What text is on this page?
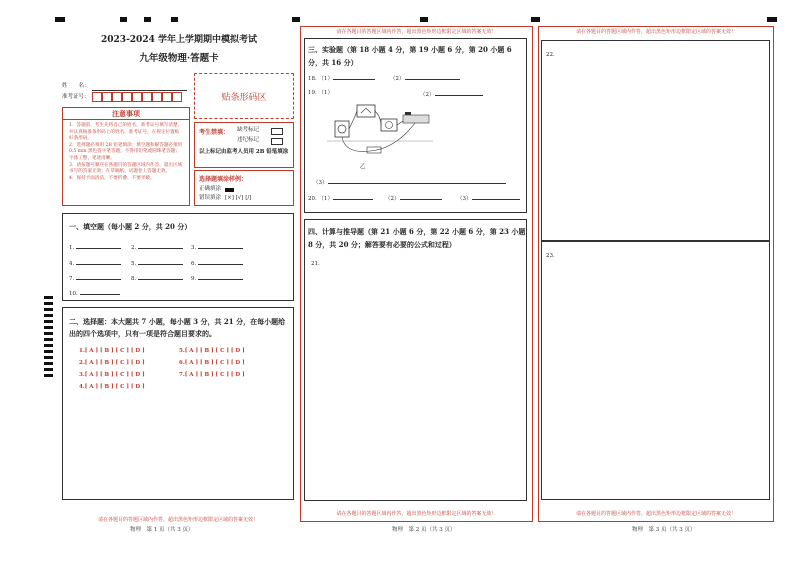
2023-2024 学年上学期期中模拟考试
九年级物理·答题卡
姓　　名：
准考证号：	贴条形码区
注意事项
1．答题前，考生先将自己的姓名，准考证号填写清楚，并认真核准条形码上的姓名、准考证号，在规定位置贴好条形码。
2．选择题必须用 2B 铅笔填涂；填空题和解答题必须用 0.5 mm 黑色签字笔答题，不得用铅笔或圆珠笔答题；字体工整、笔迹清晰。
3．请按题号顺序在各题目的答题区域内作答，超出区域书写的答案无效；在草稿纸、试题卷上答题无效。
4．保持卡面清洁，不要折叠、不要弄破。
考生禁填： 缺考标记
违纪标记
以上标记由监考人员用 2B 铅笔填涂
选择题填涂样例：
正确填涂
错误填涂 [×] [√] [/]
一、填空题（每小题 2 分，共 20 分）
1.	2.	3.
4.	5.	6.
7.	8.	9.
10.
二、选择题：本大题共 7 小题，每小题 3 分，共 21 分，在每小题给出的四个选项中，只有一项是符合题目要求的。
1.[ A ] [ B ] [ C ] [ D ]
2.[ A ] [ B ] [ C ] [ D ]
3.[ A ] [ B ] [ C ] [ D ]
4.[ A ] [ B ] [ C ] [ D ]
5.[ A ] [ B ] [ C ] [ D ]
6.[ A ] [ B ] [ C ] [ D ]
7.[ A ] [ B ] [ C ] [ D ]
请在各题目的答题区域内作答，超出黑色矩形边框限定区域的答案无效！
物理　第 1 页（共 3 页）
请在各题目的答题区域内作答，超出黑色矩形边框限定区域的答案无效！
三、实验题（第 18 小题 4 分，第 19 小题 6 分，第 20 小题 6 分，共 16 分）
18. （1）	（2）
19. （1）	（2）
乙
（3）
20. （1）	（2）	（3）
四、计算与推导题（第 21 小题 6 分，第 22 小题 6 分，第 23 小题 8 分，共 20 分；解答要有必要的公式和过程）
21.
请在各题目的答题区域内作答，超出黑色矩形边框限定区域的答案无效！
物理　第 2 页（共 3 页）
请在各题目的答题区域内作答，超出黑色矩形边框限定区域的答案无效！
22.
23.
请在各题目的答题区域内作答，超出黑色矩形边框限定区域的答案无效！
物理　第 3 页（共 3 页）
